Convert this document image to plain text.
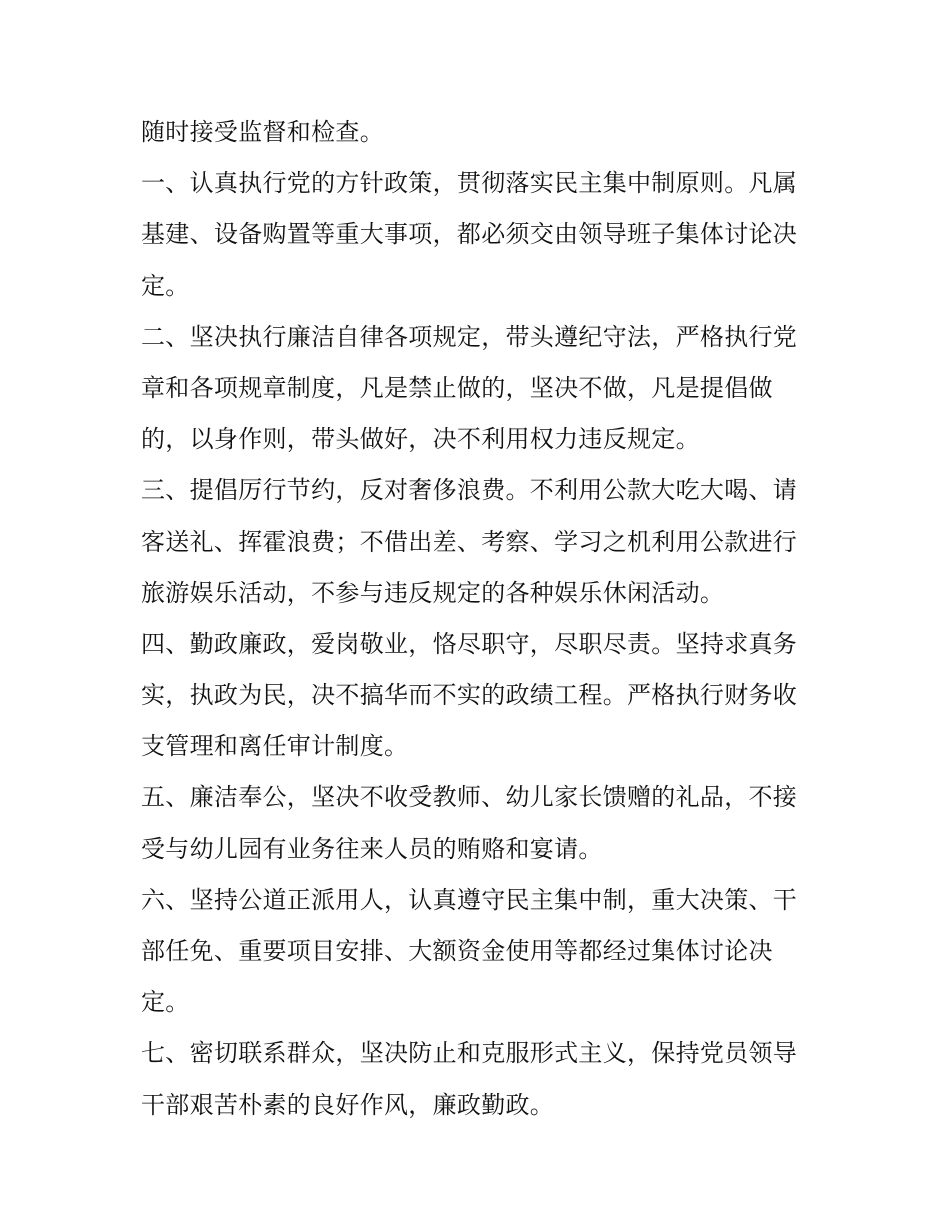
随时接受监督和检查。
一、认真执行党的方针政策，贯彻落实民主集中制原则。凡属
基建、设备购置等重大事项，都必须交由领导班子集体讨论决
定。
二、坚决执行廉洁自律各项规定，带头遵纪守法，严格执行党
章和各项规章制度，凡是禁止做的，坚决不做，凡是提倡做
的，以身作则，带头做好，决不利用权力违反规定。
三、提倡厉行节约，反对奢侈浪费。不利用公款大吃大喝、请
客送礼、挥霍浪费；不借出差、考察、学习之机利用公款进行
旅游娱乐活动，不参与违反规定的各种娱乐休闲活动。
四、勤政廉政，爱岗敬业，恪尽职守，尽职尽责。坚持求真务
实，执政为民，决不搞华而不实的政绩工程。严格执行财务收
支管理和离任审计制度。
五、廉洁奉公，坚决不收受教师、幼儿家长馈赠的礼品，不接
受与幼儿园有业务往来人员的贿赂和宴请。
六、坚持公道正派用人，认真遵守民主集中制，重大决策、干
部任免、重要项目安排、大额资金使用等都经过集体讨论决
定。
七、密切联系群众，坚决防止和克服形式主义，保持党员领导
干部艰苦朴素的良好作风，廉政勤政。
